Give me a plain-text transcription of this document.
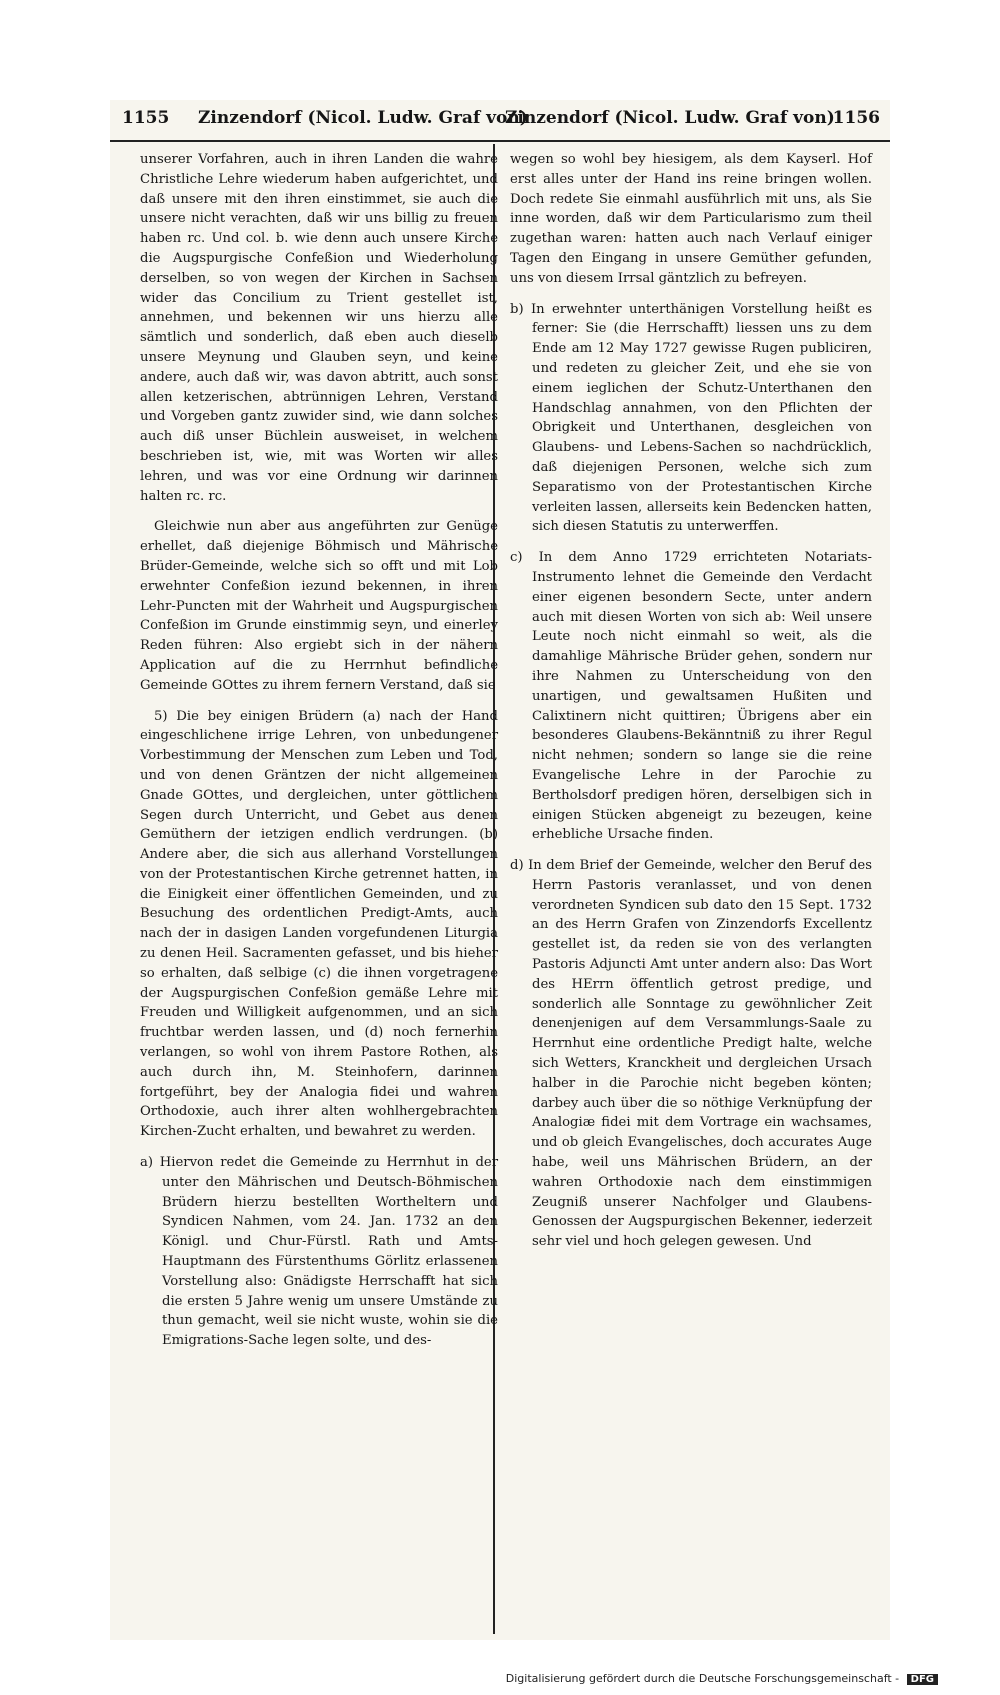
1155 Zinzendorf (Nicol. Ludw. Graf von)
Zinzendorf (Nicol. Ludw. Graf von)
1156

unserer Vorfahren, auch in ihren Landen die wahre Christliche Lehre wiederum haben aufgerichtet, und daß unsere mit den ihren einstimmet, sie auch die unsere nicht verachten, daß wir uns billig zu freuen haben rc. Und col. b. wie denn auch unsere Kirche die Augspurgische Confeßion und Wiederholung derselben, so von wegen der Kirchen in Sachsen wider das Concilium zu Trient gestellet ist, annehmen, und bekennen wir uns hierzu alle sämtlich und sonderlich, daß eben auch dieselb unsere Meynung und Glauben seyn, und keine andere, auch daß wir, was davon abtritt, auch sonst allen ketzerischen, abtrünnigen Lehren, Verstand und Vorgeben gantz zuwider sind, wie dann solches auch diß unser Büchlein ausweiset, in welchem beschrieben ist, wie, mit was Worten wir alles lehren, und was vor eine Ordnung wir darinnen halten rc. rc.

Gleichwie nun aber aus angeführten zur Genüge erhellet, daß diejenige Böhmisch und Mährische Brüder-Gemeinde, welche sich so offt und mit Lob erwehnter Confeßion iezund bekennen, in ihren Lehr-Puncten mit der Wahrheit und Augspurgischen Confeßion im Grunde einstimmig seyn, und einerley Reden führen: Also ergiebt sich in der nähern Application auf die zu Herrnhut befindliche Gemeinde GOttes zu ihrem fernern Verstand, daß sie

5) Die bey einigen Brüdern (a) nach der Hand eingeschlichene irrige Lehren, von unbedungener Vorbestimmung der Menschen zum Leben und Tod, und von denen Gräntzen der nicht allgemeinen Gnade GOttes, und dergleichen, unter göttlichem Segen durch Unterricht, und Gebet aus denen Gemüthern der ietzigen endlich verdrungen. (b) Andere aber, die sich aus allerhand Vorstellungen von der Protestantischen Kirche getrennet hatten, in die Einigkeit einer öffentlichen Gemeinden, und zu Besuchung des ordentlichen Predigt-Amts, auch nach der in dasigen Landen vorgefundenen Liturgia zu denen Heil. Sacramenten gefasset, und bis hieher so erhalten, daß selbige (c) die ihnen vorgetragene der Augspurgischen Confeßion gemäße Lehre mit Freuden und Willigkeit aufgenommen, und an sich fruchtbar werden lassen, und (d) noch fernerhin verlangen, so wohl von ihrem Pastore Rothen, als auch durch ihn, M. Steinhofern, darinnen fortgeführt, bey der Analogia fidei und wahren Orthodoxie, auch ihrer alten wohlhergebrachten Kirchen-Zucht erhalten, und bewahret zu werden.

a) Hiervon redet die Gemeinde zu Herrnhut in der unter den Mährischen und Deutsch-Böhmischen Brüdern hierzu bestellten Wortheltern und Syndicen Nahmen, vom 24. Jan. 1732 an den Königl. und Chur-Fürstl. Rath und Amts-Hauptmann des Fürstenthums Görlitz erlassenen Vorstellung also: Gnädigste Herrschafft hat sich die ersten 5 Jahre wenig um unsere Umstände zu thun gemacht, weil sie nicht wuste, wohin sie die Emigrations-Sache legen solte, und des-

wegen so wohl bey hiesigem, als dem Kayserl. Hof erst alles unter der Hand ins reine bringen wollen. Doch redete Sie einmahl ausführlich mit uns, als Sie inne worden, daß wir dem Particularismo zum theil zugethan waren: hatten auch nach Verlauf einiger Tagen den Eingang in unsere Gemüther gefunden, uns von diesem Irrsal gäntzlich zu befreyen.

b) In erwehnter unterthänigen Vorstellung heißt es ferner: Sie (die Herrschafft) liessen uns zu dem Ende am 12 May 1727 gewisse Rugen publiciren, und redeten zu gleicher Zeit, und ehe sie von einem ieglichen der Schutz-Unterthanen den Handschlag annahmen, von den Pflichten der Obrigkeit und Unterthanen, desgleichen von Glaubens- und Lebens-Sachen so nachdrücklich, daß diejenigen Personen, welche sich zum Separatismo von der Protestantischen Kirche verleiten lassen, allerseits kein Bedencken hatten, sich diesen Statutis zu unterwerffen.

c) In dem Anno 1729 errichteten Notariats-Instrumento lehnet die Gemeinde den Verdacht einer eigenen besondern Secte, unter andern auch mit diesen Worten von sich ab: Weil unsere Leute noch nicht einmahl so weit, als die damahlige Mährische Brüder gehen, sondern nur ihre Nahmen zu Unterscheidung von den unartigen, und gewaltsamen Hußiten und Calixtinern nicht quittiren; Übrigens aber ein besonderes Glaubens-Bekänntniß zu ihrer Regul nicht nehmen; sondern so lange sie die reine Evangelische Lehre in der Parochie zu Bertholsdorf predigen hören, derselbigen sich in einigen Stücken abgeneigt zu bezeugen, keine erhebliche Ursache finden.

d) In dem Brief der Gemeinde, welcher den Beruf des Herrn Pastoris veranlasset, und von denen verordneten Syndicen sub dato den 15 Sept. 1732 an des Herrn Grafen von Zinzendorfs Excellentz gestellet ist, da reden sie von des verlangten Pastoris Adjuncti Amt unter andern also: Das Wort des HErrn öffentlich getrost predige, und sonderlich alle Sonntage zu gewöhnlicher Zeit denenjenigen auf dem Versammlungs-Saale zu Herrnhut eine ordentliche Predigt halte, welche sich Wetters, Kranckheit und dergleichen Ursach halber in die Parochie nicht begeben könten; darbey auch über die so nöthige Verknüpfung der Analogiæ fidei mit dem Vortrage ein wachsames, und ob gleich Evangelisches, doch accurates Auge habe, weil uns Mährischen Brüdern, an der wahren Orthodoxie nach dem einstimmigen Zeugniß unserer Nachfolger und Glaubens-Genossen der Augspurgischen Bekenner, iederzeit sehr viel und hoch gelegen gewesen. Und

Digitalisierung gefördert durch die Deutsche Forschungsgemeinschaft - DFG
